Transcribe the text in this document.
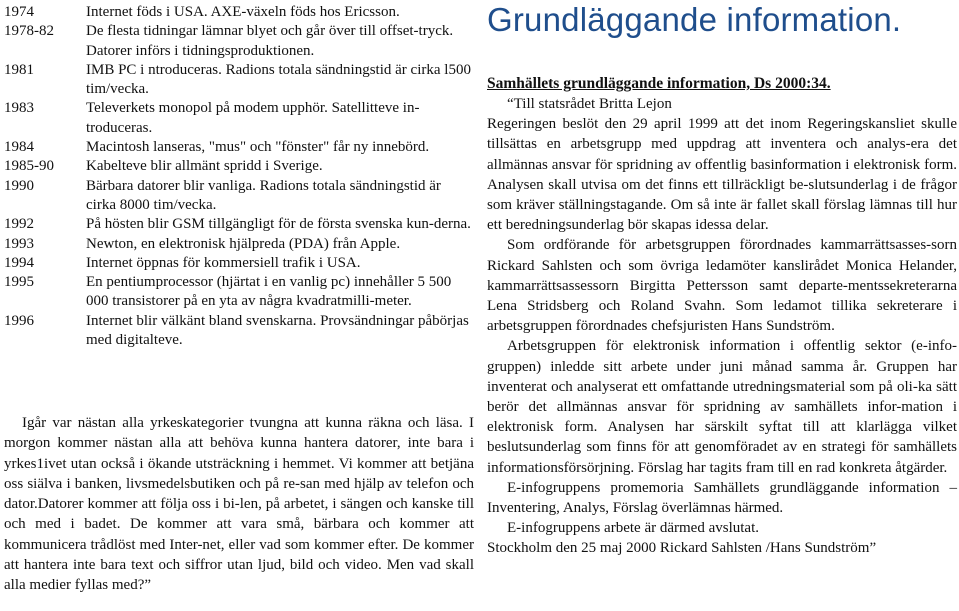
1974	Internet föds i USA. AXE-växeln föds hos Ericsson.
1978-82	De flesta tidningar lämnar blyet och går över till offset-tryck. Datorer införs i tidningsproduktionen.
1981	IMB PC i ntroduceras. Radions totala sändningstid är cirka l500 tim/vecka.
1983	Televerkets monopol på modem upphör. Satellitteve in-troduceras.
1984	Macintosh lanseras, "mus" och "fönster" får ny innebörd.
1985-90	Kabelteve blir allmänt spridd i Sverige.
1990	Bärbara datorer blir vanliga. Radions totala sändningstid är cirka 8000 tim/vecka.
1992	På hösten blir GSM tillgängligt för de första svenska kun-derna.
1993	Newton, en elektronisk hjälpreda (PDA) från Apple.
1994	Internet öppnas för kommersiell trafik i USA.
1995	En pentiumprocessor (hjärtat i en vanlig pc) innehåller 5 500 000 transistorer på en yta av några kvadratmilli-meter.
1996	Internet blir välkänt bland svenskarna. Provsändningar påbörjas med digitalteve.
Igår var nästan alla yrkeskategorier tvungna att kunna räkna och läsa. I morgon kommer nästan alla att behöva kunna hantera datorer, inte bara i yrkes1ivet utan också i ökande utsträckning i hemmet. Vi kommer att betjäna oss siälva i banken, livsmedelsbutiken och på re-san med hjälp av telefon och dator.Datorer kommer att följa oss i bi-len, på arbetet, i sängen och kanske till och med i badet. De kommer att vara små, bärbara och kommer att kommunicera trådlöst med Inter-net, eller vad som kommer efter. De kommer att hantera inte bara text och siffror utan ljud, bild och video. Men vad skall alla medier fyllas med?”
Grundläggande information.
Samhällets grundläggande information, Ds 2000:34.
“Till statsrådet Britta Lejon
Regeringen beslöt den 29 april 1999 att det inom Regeringskansliet skulle tillsättas en arbetsgrupp med uppdrag att inventera och analys-era det allmännas ansvar för spridning av offentlig basinformation i elektronisk form. Analysen skall utvisa om det finns ett tillräckligt be-slutsunderlag i de frågor som kräver ställningstagande. Om så inte är fallet skall förslag lämnas till hur ett beredningsunderlag bör skapas idessa delar.
Som ordförande för arbetsgruppen förordnades kammarrättsasses-sorn Rickard Sahlsten och som övriga ledamöter kanslirådet Monica Helander, kammarrättsassessorn Birgitta Pettersson samt departe-mentssekreterarna Lena Stridsberg och Roland Svahn. Som ledamot tillika sekreterare i arbetsgruppen förordnades chefsjuristen Hans Sundström.
Arbetsgruppen för elektronisk information i offentlig sektor (e-info-gruppen) inledde sitt arbete under juni månad samma år. Gruppen har inventerat och analyserat ett omfattande utredningsmaterial som på oli-ka sätt berör det allmännas ansvar för spridning av samhällets infor-mation i elektronisk form. Analysen har särskilt syftat till att klarlägga vilket beslutsunderlag som finns för att genomföradet av en strategi för samhällets informationsförsörjning. Förslag har tagits fram till en rad konkreta åtgärder.
E-infogruppens promemoria Samhällets grundläggande information – Inventering, Analys, Förslag överlämnas härmed.
E-infogruppens arbete är därmed avslutat.
Stockholm den 25 maj 2000 Rickard Sahlsten /Hans Sundström”
